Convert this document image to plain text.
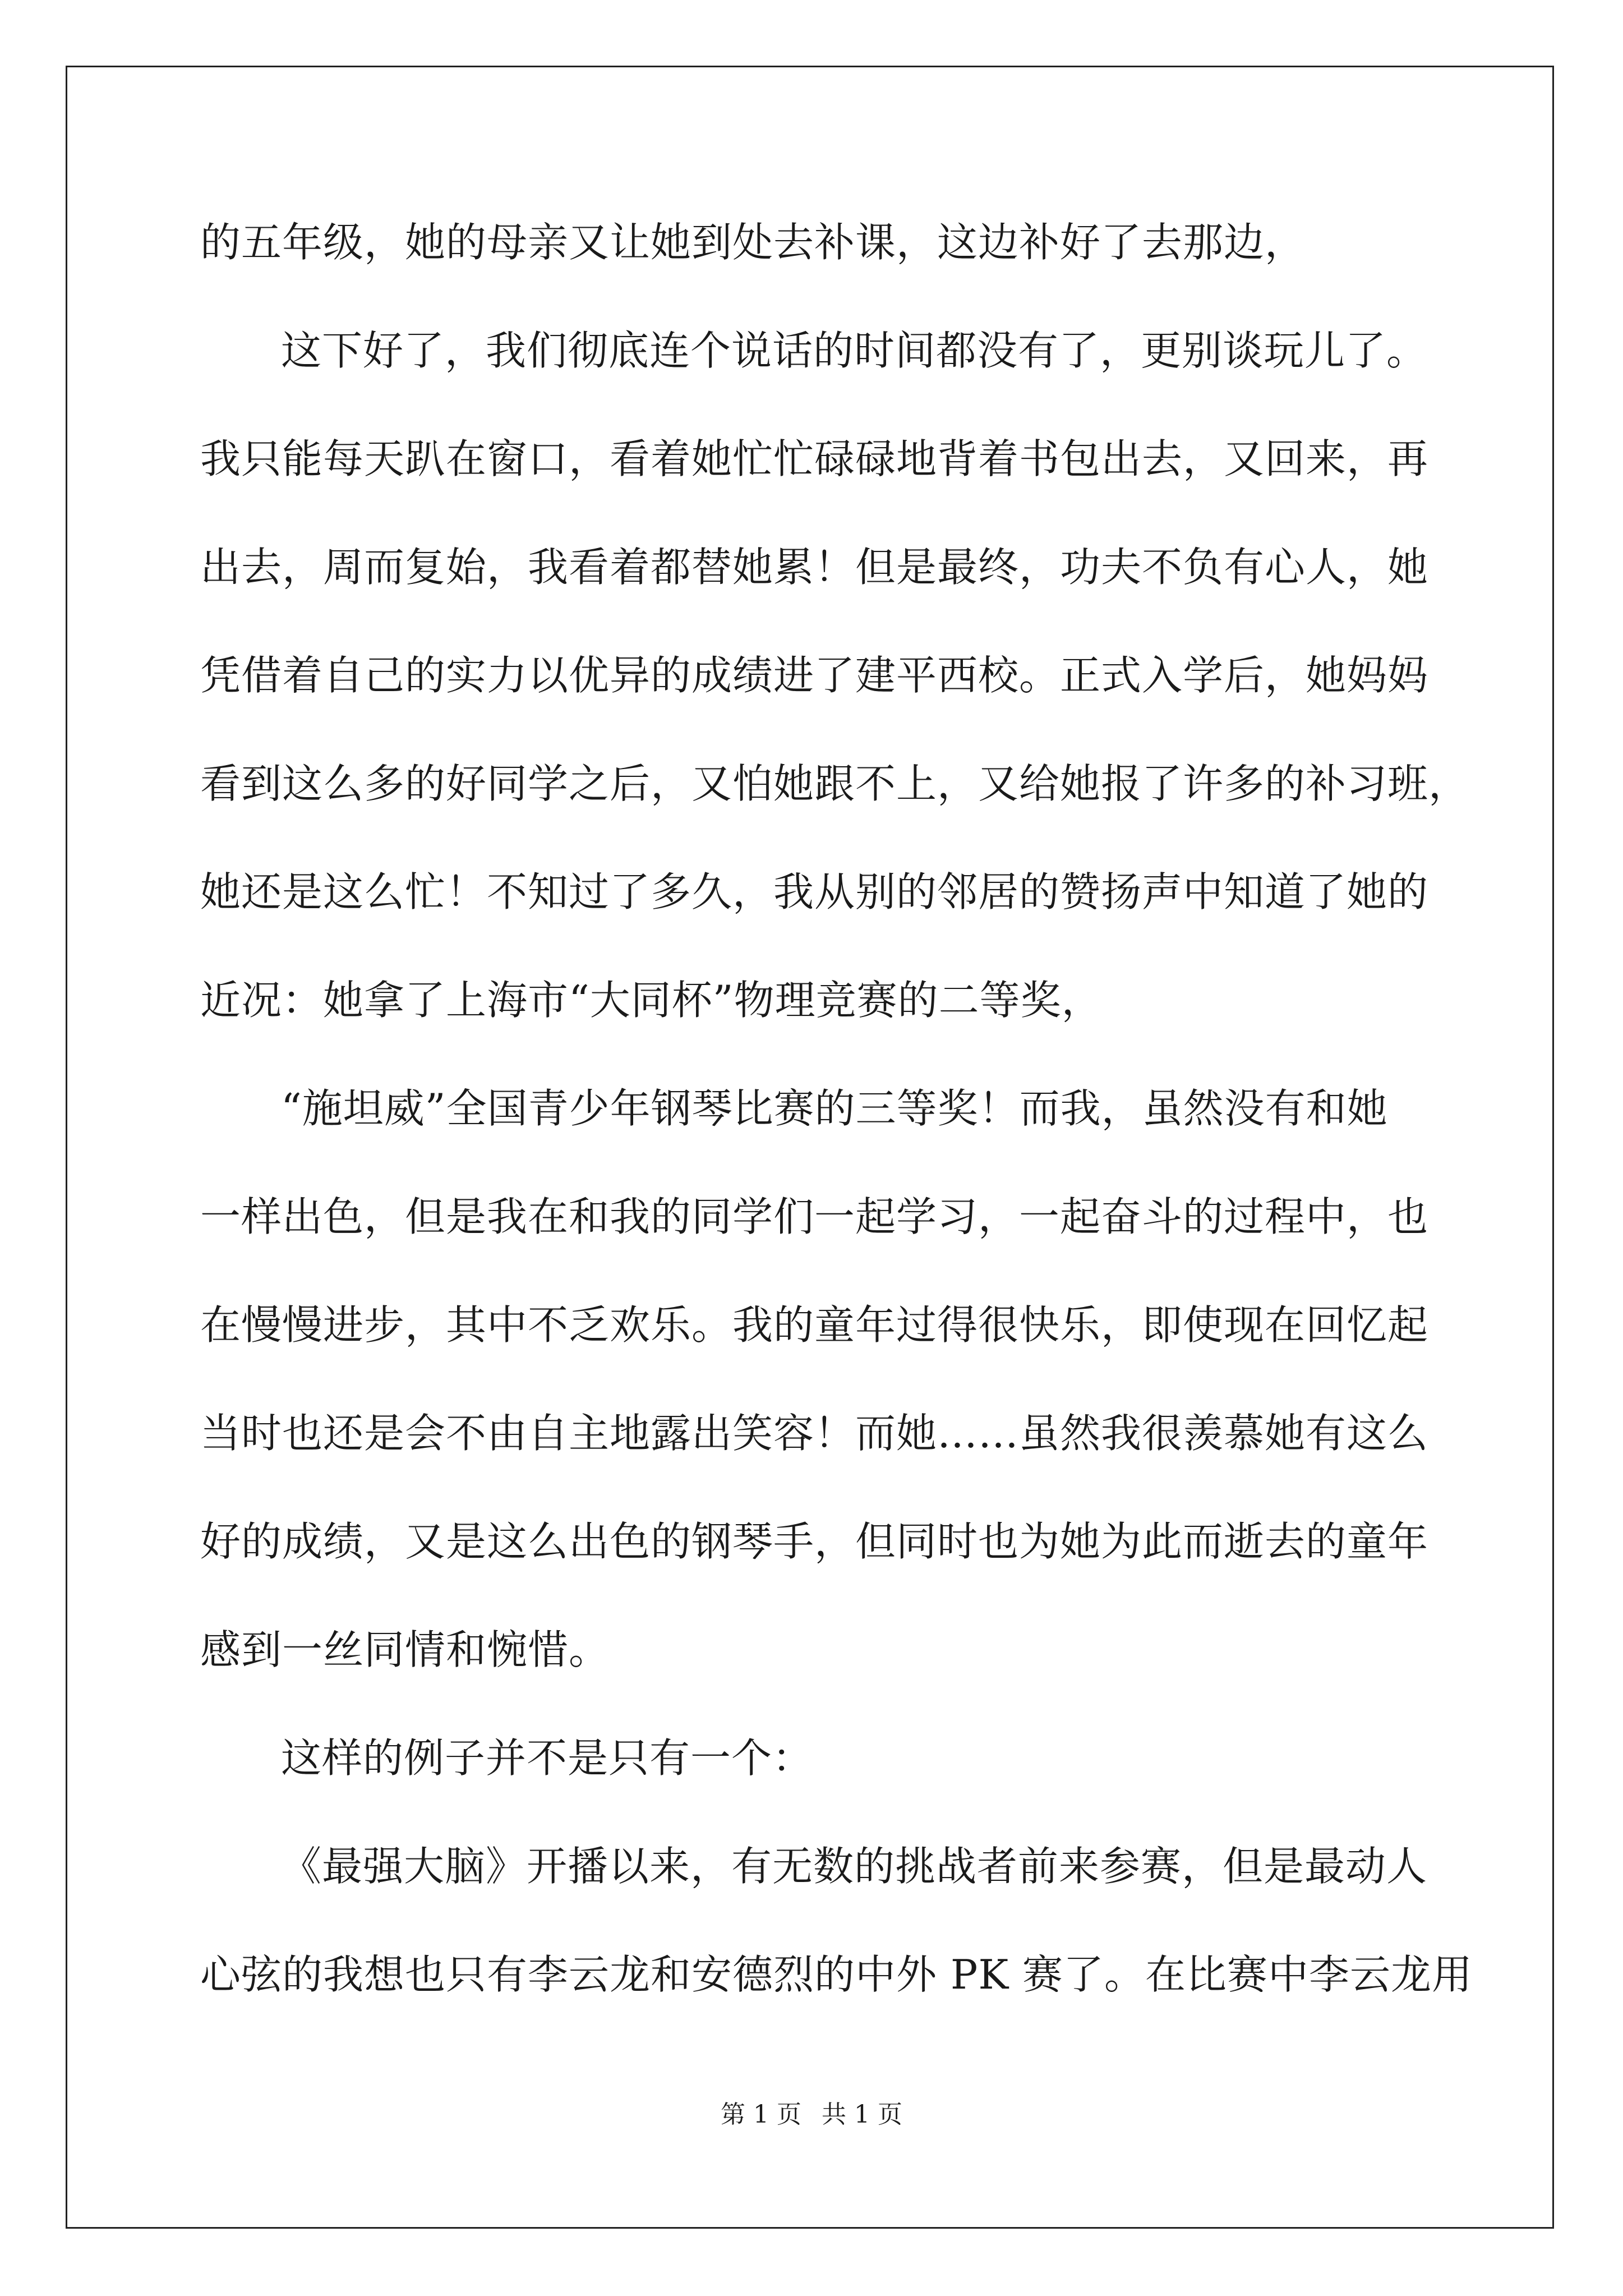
的五年级，她的母亲又让她到处去补课，这边补好了去那边，
这下好了，我们彻底连个说话的时间都没有了，更别谈玩儿了。
我只能每天趴在窗口，看着她忙忙碌碌地背着书包出去，又回来，再
出去，周而复始，我看着都替她累！但是最终，功夫不负有心人，她
凭借着自己的实力以优异的成绩进了建平西校。正式入学后，她妈妈
看到这么多的好同学之后，又怕她跟不上，又给她报了许多的补习班，
她还是这么忙！不知过了多久，我从别的邻居的赞扬声中知道了她的
近况：她拿了上海市“大同杯”物理竞赛的二等奖，
“施坦威”全国青少年钢琴比赛的三等奖！而我，虽然没有和她
一样出色，但是我在和我的同学们一起学习，一起奋斗的过程中，也
在慢慢进步，其中不乏欢乐。我的童年过得很快乐，即使现在回忆起
当时也还是会不由自主地露出笑容！而她……虽然我很羡慕她有这么
好的成绩，又是这么出色的钢琴手，但同时也为她为此而逝去的童年
感到一丝同情和惋惜。
这样的例子并不是只有一个：
《最强大脑》开播以来，有无数的挑战者前来参赛，但是最动人
心弦的我想也只有李云龙和安德烈的中外 PK 赛了。在比赛中李云龙用
第 1 页 共 1 页
